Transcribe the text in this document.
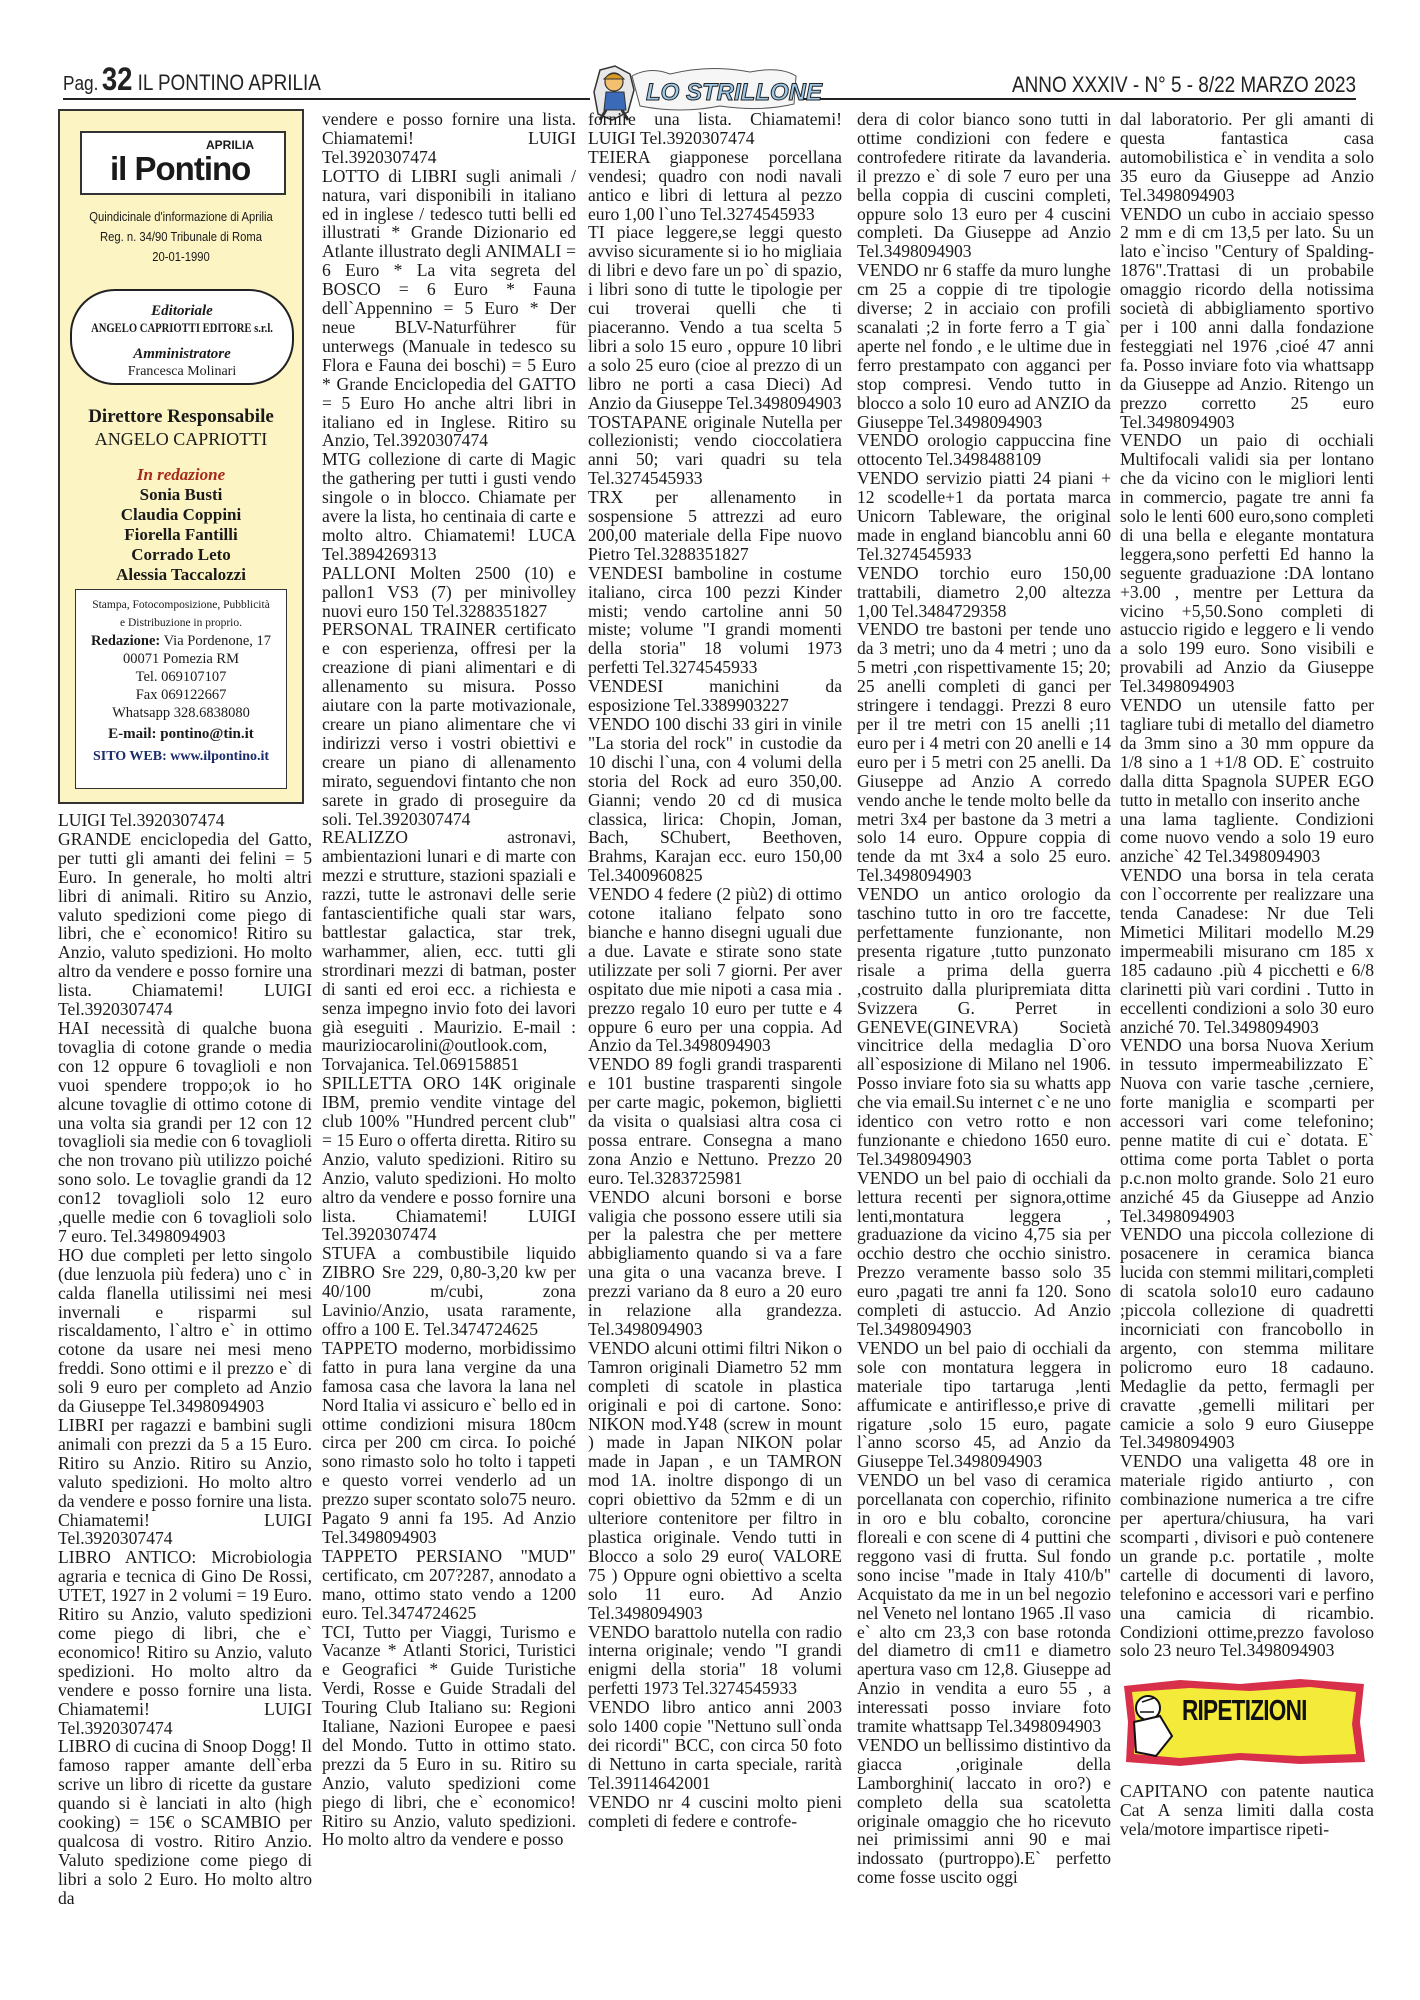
Pag. 32 IL PONTINO APRILIA	ANNO XXXIV - N° 5 - 8/22 MARZO 2023
LO STRILLONE
APRILIA
il Pontino
Quindicinale d'informazione di Aprilia
Reg. n. 34/90 Tribunale di Roma
20-01-1990
Editoriale
ANGELO CAPRIOTTI EDITORE s.r.l.
Amministratore
Francesca Molinari
Direttore Responsabile
ANGELO CAPRIOTTI
In redazione
Sonia Busti
Claudia Coppini
Fiorella Fantilli
Corrado Leto
Alessia Taccalozzi
Stampa, Fotocomposizione, Pubblicità
e Distribuzione in proprio.
Redazione: Via Pordenone, 17
00071 Pomezia RM
Tel. 069107107
Fax 069122667
Whatsapp 328.6838080
E-mail: pontino@tin.it
SITO WEB: www.ilpontino.it

LUIGI Tel.3920307474

GRANDE enciclopedia del Gatto, per tutti gli amanti dei felini = 5 Euro. In generale, ho molti altri libri di animali. Ritiro su Anzio, valuto spedizioni come piego di libri, che e` economico! Ritiro su Anzio, valuto spedizioni. Ho molto altro da vendere e posso fornire una lista. Chiamatemi! LUIGI Tel.3920307474

HAI necessità di qualche buona tovaglia di cotone grande o media con 12 oppure 6 tovaglioli e non vuoi spendere troppo;ok io ho alcune tovaglie di ottimo cotone di una volta sia grandi per 12 con 12 tovaglioli sia medie con 6 tovaglioli che non trovano più utilizzo poiché sono solo. Le tovaglie grandi da 12 con12 tovaglioli solo 12 euro ,quelle medie con 6 tovaglioli solo 7 euro. Tel.3498094903

HO due completi per letto singolo (due lenzuola più federa) uno c` in calda flanella utilissimi nei mesi invernali e risparmi sul riscaldamento, l`altro e` in ottimo cotone da usare nei mesi meno freddi. Sono ottimi e il prezzo e` di soli 9 euro per completo ad Anzio da Giuseppe Tel.3498094903

LIBRI per ragazzi e bambini sugli animali con prezzi da 5 a 15 Euro. Ritiro su Anzio. Ritiro su Anzio, valuto spedizioni. Ho molto altro da vendere e posso fornire una lista. Chiamatemi! LUIGI Tel.3920307474

LIBRO ANTICO: Microbiologia agraria e tecnica di Gino De Rossi, UTET, 1927 in 2 volumi = 19 Euro. Ritiro su Anzio, valuto spedizioni come piego di libri, che e` economico! Ritiro su Anzio, valuto spedizioni. Ho molto altro da vendere e posso fornire una lista. Chiamatemi! LUIGI Tel.3920307474

LIBRO di cucina di Snoop Dogg! Il famoso rapper amante dell`erba scrive un libro di ricette da gustare quando si è lanciati in alto (high cooking) = 15€ o SCAMBIO per qualcosa di vostro. Ritiro Anzio. Valuto spedizione come piego di libri a solo 2 Euro. Ho molto altro da

vendere e posso fornire una lista. Chiamatemi! LUIGI Tel.3920307474

LOTTO di LIBRI sugli animali / natura, vari disponibili in italiano ed in inglese / tedesco tutti belli ed illustrati * Grande Dizionario ed Atlante illustrato degli ANIMALI = 6 Euro * La vita segreta del BOSCO = 6 Euro * Fauna dell`Appennino = 5 Euro * Der neue BLV-Naturführer für unterwegs (Manuale in tedesco su Flora e Fauna dei boschi) = 5 Euro * Grande Enciclopedia del GATTO = 5 Euro Ho anche altri libri in italiano ed in Inglese. Ritiro su Anzio, Tel.3920307474

MTG collezione di carte di Magic the gathering per tutti i gusti vendo singole o in blocco. Chiamate per avere la lista, ho centinaia di carte e molto altro. Chiamatemi! LUCA Tel.3894269313

PALLONI Molten 2500 (10) e pallon1 VS3 (7) per minivolley nuovi euro 150 Tel.3288351827

PERSONAL TRAINER certificato e con esperienza, offresi per la creazione di piani alimentari e di allenamento su misura. Posso aiutare con la parte motivazionale, creare un piano alimentare che vi indirizzi verso i vostri obiettivi e creare un piano di allenamento mirato, seguendovi fintanto che non sarete in grado di proseguire da soli. Tel.3920307474

REALIZZO astronavi, ambientazioni lunari e di marte con mezzi e strutture, stazioni spaziali e razzi, tutte le astronavi delle serie fantascientifiche quali star wars, battlestar galactica, star trek, warhammer, alien, ecc. tutti gli strordinari mezzi di batman, poster di santi ed eroi ecc. a richiesta e senza impegno invio foto dei lavori già eseguiti . Maurizio. E-mail : mauriziocarolini@outlook.com, Torvajanica. Tel.069158851

SPILLETTA ORO 14K originale IBM, premio vendite vintage del club 100% "Hundred percent club" = 15 Euro o offerta diretta. Ritiro su Anzio, valuto spedizioni. Ritiro su Anzio, valuto spedizioni. Ho molto altro da vendere e posso fornire una lista. Chiamatemi! LUIGI Tel.3920307474

STUFA a combustibile liquido ZIBRO Sre 229, 0,80-3,20 kw per 40/100 m/cubi, zona Lavinio/Anzio, usata raramente, offro a 100 E. Tel.3474724625

TAPPETO moderno, morbidissimo fatto in pura lana vergine da una famosa casa che lavora la lana nel Nord Italia vi assicuro e` bello ed in ottime condizioni misura 180cm circa per 200 cm circa. Io poiché sono rimasto solo ho tolto i tappeti e questo vorrei venderlo ad un prezzo super scontato solo75 neuro. Pagato 9 anni fa 195. Ad Anzio Tel.3498094903

TAPPETO PERSIANO "MUD" certificato, cm 207?287, annodato a mano, ottimo stato vendo a 1200 euro. Tel.3474724625

TCI, Tutto per Viaggi, Turismo e Vacanze * Atlanti Storici, Turistici e Geografici * Guide Turistiche Verdi, Rosse e Guide Stradali del Touring Club Italiano su: Regioni Italiane, Nazioni Europee e paesi del Mondo. Tutto in ottimo stato. prezzi da 5 Euro in su. Ritiro su Anzio, valuto spedizioni come piego di libri, che e` economico! Ritiro su Anzio, valuto spedizioni. Ho molto altro da vendere e posso

fornire una lista. Chiamatemi! LUIGI Tel.3920307474

TEIERA giapponese porcellana vendesi; quadro con nodi navali antico e libri di lettura al pezzo euro 1,00 l`uno Tel.3274545933

TI piace leggere,se leggi questo avviso sicuramente si io ho migliaia di libri e devo fare un po` di spazio, i libri sono di tutte le tipologie per cui troverai quelli che ti piaceranno. Vendo a tua scelta 5 libri a solo 15 euro , oppure 10 libri a solo 25 euro (cioe al prezzo di un libro ne porti a casa Dieci) Ad Anzio da Giuseppe Tel.3498094903

TOSTAPANE originale Nutella per collezionisti; vendo cioccolatiera anni 50; vari quadri su tela Tel.3274545933

TRX per allenamento in sospensione 5 attrezzi ad euro 200,00 materiale della Fipe nuovo Pietro Tel.3288351827

VENDESI bamboline in costume italiano, circa 100 pezzi Kinder misti; vendo cartoline anni 50 miste; volume "I grandi momenti della storia" 18 volumi 1973 perfetti Tel.3274545933

VENDESI manichini da esposizione Tel.3389903227

VENDO 100 dischi 33 giri in vinile "La storia del rock" in custodie da 10 dischi l`una, con 4 volumi della storia del Rock ad euro 350,00. Gianni; vendo 20 cd di musica classica, lirica: Chopin, Joman, Bach, SChubert, Beethoven, Brahms, Karajan ecc. euro 150,00 Tel.3400960825

VENDO 4 federe (2 più2) di ottimo cotone italiano felpato sono bianche e hanno disegni uguali due a due. Lavate e stirate sono state utilizzate per soli 7 giorni. Per aver ospitato due mie nipoti a casa mia . prezzo regalo 10 euro per tutte e 4 oppure 6 euro per una coppia. Ad Anzio da Tel.3498094903

VENDO 89 fogli grandi trasparenti e 101 bustine trasparenti singole per carte magic, pokemon, biglietti da visita o qualsiasi altra cosa ci possa entrare. Consegna a mano zona Anzio e Nettuno. Prezzo 20 euro. Tel.3283725981

VENDO alcuni borsoni e borse valigia che possono essere utili sia per la palestra che per mettere abbigliamento quando si va a fare una gita o una vacanza breve. I prezzi variano da 8 euro a 20 euro in relazione alla grandezza. Tel.3498094903

VENDO alcuni ottimi filtri Nikon o Tamron originali Diametro 52 mm completi di scatole in plastica originali e poi di cartone. Sono: NIKON mod.Y48 (screw in mount ) made in Japan NIKON polar made in Japan , e un TAMRON mod 1A. inoltre dispongo di un copri obiettivo da 52mm e di un ulteriore contenitore per filtro in plastica originale. Vendo tutti in Blocco a solo 29 euro( VALORE 75 ) Oppure ogni obiettivo a scelta solo 11 euro. Ad Anzio Tel.3498094903

VENDO barattolo nutella con radio interna originale; vendo "I grandi enigmi della storia" 18 volumi perfetti 1973 Tel.3274545933

VENDO libro antico anni 2003 solo 1400 copie "Nettuno sull`onda dei ricordi" BCC, con circa 50 foto di Nettuno in carta speciale, rarità Tel.39114642001

VENDO nr 4 cuscini molto pieni completi di federe e controfe-

dera di color bianco sono tutti in ottime condizioni con federe e controfedere ritirate da lavanderia. il prezzo e` di sole 7 euro per una bella coppia di cuscini completi, oppure solo 13 euro per 4 cuscini completi. Da Giuseppe ad Anzio Tel.3498094903

VENDO nr 6 staffe da muro lunghe cm 25 a coppie di tre tipologie diverse; 2 in acciaio con profili scanalati ;2 in forte ferro a T gia` aperte nel fondo , e le ultime due in ferro prestampato con agganci per stop compresi. Vendo tutto in blocco a solo 10 euro ad ANZIO da Giuseppe Tel.3498094903

VENDO orologio cappuccina fine ottocento Tel.3498488109

VENDO servizio piatti 24 piani + 12 scodelle+1 da portata marca Unicorn Tableware, the original made in england biancoblu anni 60 Tel.3274545933

VENDO torchio euro 150,00 trattabili, diametro 2,00 altezza 1,00 Tel.3484729358

VENDO tre bastoni per tende uno da 3 metri; uno da 4 metri ; uno da 5 metri ,con rispettivamente 15; 20; 25 anelli completi di ganci per stringere i tendaggi. Prezzi 8 euro per il tre metri con 15 anelli ;11 euro per i 4 metri con 20 anelli e 14 euro per i 5 metri con 25 anelli. Da Giuseppe ad Anzio A corredo vendo anche le tende molto belle da metri 3x4 per bastone da 3 metri a solo 14 euro. Oppure coppia di tende da mt 3x4 a solo 25 euro. Tel.3498094903

VENDO un antico orologio da taschino tutto in oro tre faccette, perfettamente funzionante, non presenta rigature ,tutto punzonato risale a prima della guerra ,costruito dalla pluripremiata ditta Svizzera G. Perret in GENEVE(GINEVRA) Società vincitrice della medaglia D`oro all`esposizione di Milano nel 1906. Posso inviare foto sia su whatts app che via email.Su internet c`e ne uno identico con vetro rotto e non funzionante e chiedono 1650 euro. Tel.3498094903

VENDO un bel paio di occhiali da lettura recenti per signora,ottime lenti,montatura leggera , graduazione da vicino 4,75 sia per occhio destro che occhio sinistro. Prezzo veramente basso solo 35 euro ,pagati tre anni fa 120. Sono completi di astuccio. Ad Anzio Tel.3498094903

VENDO un bel paio di occhiali da sole con montatura leggera in materiale tipo tartaruga ,lenti affumicate e antiriflesso,e prive di rigature ,solo 15 euro, pagate l`anno scorso 45, ad Anzio da Giuseppe Tel.3498094903

VENDO un bel vaso di ceramica porcellanata con coperchio, rifinito in oro e blu cobalto, coroncine floreali e con scene di 4 puttini che reggono vasi di frutta. Sul fondo sono incise "made in Italy 410/b" Acquistato da me in un bel negozio nel Veneto nel lontano 1965 .Il vaso e` alto cm 23,3 con base rotonda del diametro di cm11 e diametro apertura vaso cm 12,8. Giuseppe ad Anzio in vendita a euro 55 , a interessati posso inviare foto tramite whattsapp Tel.3498094903

VENDO un bellissimo distintivo da giacca ,originale della Lamborghini( laccato in oro?) e completo della sua scatoletta originale omaggio che ho ricevuto nei primissimi anni 90 e mai indossato (purtroppo).E` perfetto come fosse uscito oggi

dal laboratorio. Per gli amanti di questa fantastica casa automobilistica e` in vendita a solo 35 euro da Giuseppe ad Anzio Tel.3498094903

VENDO un cubo in acciaio spesso 2 mm e di cm 13,5 per lato. Su un lato e`inciso "Century of Spalding-1876".Trattasi di un probabile omaggio ricordo della notissima società di abbigliamento sportivo per i 100 anni dalla fondazione festeggiati nel 1976 ,cioé 47 anni fa. Posso inviare foto via whattsapp da Giuseppe ad Anzio. Ritengo un prezzo corretto 25 euro Tel.3498094903

VENDO un paio di occhiali Multifocali validi sia per lontano che da vicino con le migliori lenti in commercio, pagate tre anni fa solo le lenti 600 euro,sono completi di una bella e elegante montatura leggera,sono perfetti Ed hanno la seguente graduazione :DA lontano +3.00 , mentre per Lettura da vicino +5,50.Sono completi di astuccio rigido e leggero e li vendo a solo 199 euro. Sono visibili e provabili ad Anzio da Giuseppe Tel.3498094903

VENDO un utensile fatto per tagliare tubi di metallo del diametro da 3mm sino a 30 mm oppure da 1/8 sino a 1 +1/8 OD. E` costruito dalla ditta Spagnola SUPER EGO tutto in metallo con inserito anche

una lama tagliente. Condizioni come nuovo vendo a solo 19 euro anziche` 42 Tel.3498094903

VENDO una borsa in tela cerata con l`occorrente per realizzare una tenda Canadese: Nr due Teli Mimetici Militari modello M.29 impermeabili misurano cm 185 x 185 cadauno .più 4 picchetti e 6/8 clarinetti più vari cordini . Tutto in eccellenti condizioni a solo 30 euro anziché 70. Tel.3498094903

VENDO una borsa Nuova Xerium in tessuto impermeabilizzato E` Nuova con varie tasche ,cerniere, forte maniglia e scomparti per accessori vari come telefonino; penne matite di cui e` dotata. E` ottima come porta Tablet o porta p.c.non molto grande. Solo 21 euro anziché 45 da Giuseppe ad Anzio Tel.3498094903

VENDO una piccola collezione di posacenere in ceramica bianca lucida con stemmi militari,completi di scatola solo10 euro cadauno ;piccola collezione di quadretti incorniciati con francobollo in argento, con stemma militare policromo euro 18 cadauno. Medaglie da petto, fermagli per cravatte ,gemelli militari per camicie a solo 9 euro Giuseppe Tel.3498094903

VENDO una valigetta 48 ore in materiale rigido antiurto , con combinazione numerica a tre cifre per apertura/chiusura, ha vari scomparti , divisori e può contenere un grande p.c. portatile , molte cartelle di documenti di lavoro, telefonino e accessori vari e perfino una camicia di ricambio. Condizioni ottime,prezzo favoloso solo 23 neuro Tel.3498094903

RIPETIZIONI

CAPITANO con patente nautica Cat A senza limiti dalla costa vela/motore impartisce ripeti-
